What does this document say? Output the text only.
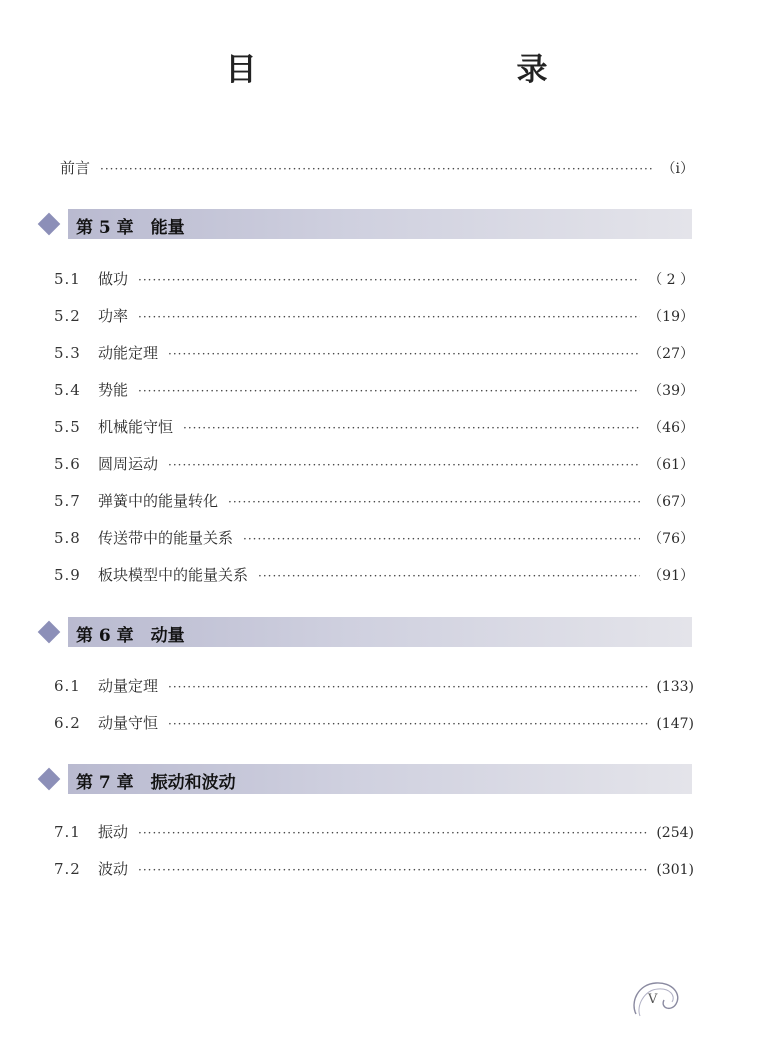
目　　录
前言 ·····	（ⅰ）
第 5 章　能量
5.1	做功 ·····	（ 2 ）
5.2	功率 ·····	（19）
5.3	动能定理 ·····	（27）
5.4	势能 ·····	（39）
5.5	机械能守恒 ·····	（46）
5.6	圆周运动 ·····	（61）
5.7	弹簧中的能量转化 ·····	（67）
5.8	传送带中的能量关系 ·····	（76）
5.9	板块模型中的能量关系 ·····	（91）
第 6 章　动量
6.1	动量定理 ·····	(133)
6.2	动量守恒 ·····	(147)
第 7 章　振动和波动
7.1	振动 ·····	(254)
7.2	波动 ·····	(301)
V
